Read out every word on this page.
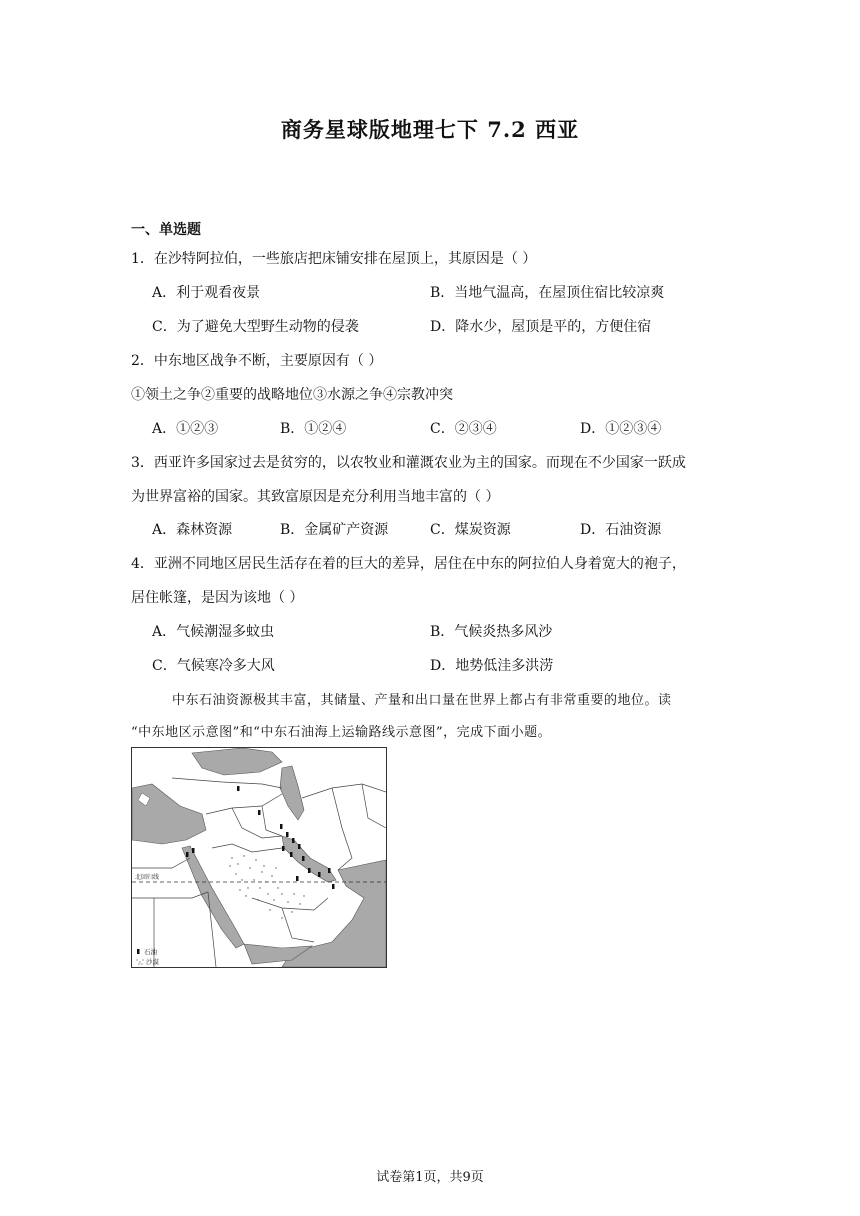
商务星球版地理七下 7.2 西亚
一、单选题
1．在沙特阿拉伯，一些旅店把床铺安排在屋顶上，其原因是（ ）
A．利于观看夜景	B．当地气温高，在屋顶住宿比较凉爽
C．为了避免大型野生动物的侵袭	D．降水少，屋顶是平的，方便住宿
2．中东地区战争不断，主要原因有（ ）
①领土之争②重要的战略地位③水源之争④宗教冲突
A．①②③	B．①②④	C．②③④	D．①②③④
3．西亚许多国家过去是贫穷的，以农牧业和灌溉农业为主的国家。而现在不少国家一跃成
为世界富裕的国家。其致富原因是充分利用当地丰富的（ ）
A．森林资源	B．金属矿产资源	C．煤炭资源	D．石油资源
4．亚洲不同地区居民生活存在着的巨大的差异，居住在中东的阿拉伯人身着宽大的袍子，
居住帐篷，是因为该地（ ）
A．气候潮湿多蚊虫	B．气候炎热多风沙
C．气候寒冷多大风	D．地势低洼多洪涝
中东石油资源极其丰富，其储量、产量和出口量在世界上都占有非常重要的地位。读
“中东地区示意图”和“中东石油海上运输路线示意图”，完成下面小题。
北回归线
石油
沙漠
试卷第1页，共9页
